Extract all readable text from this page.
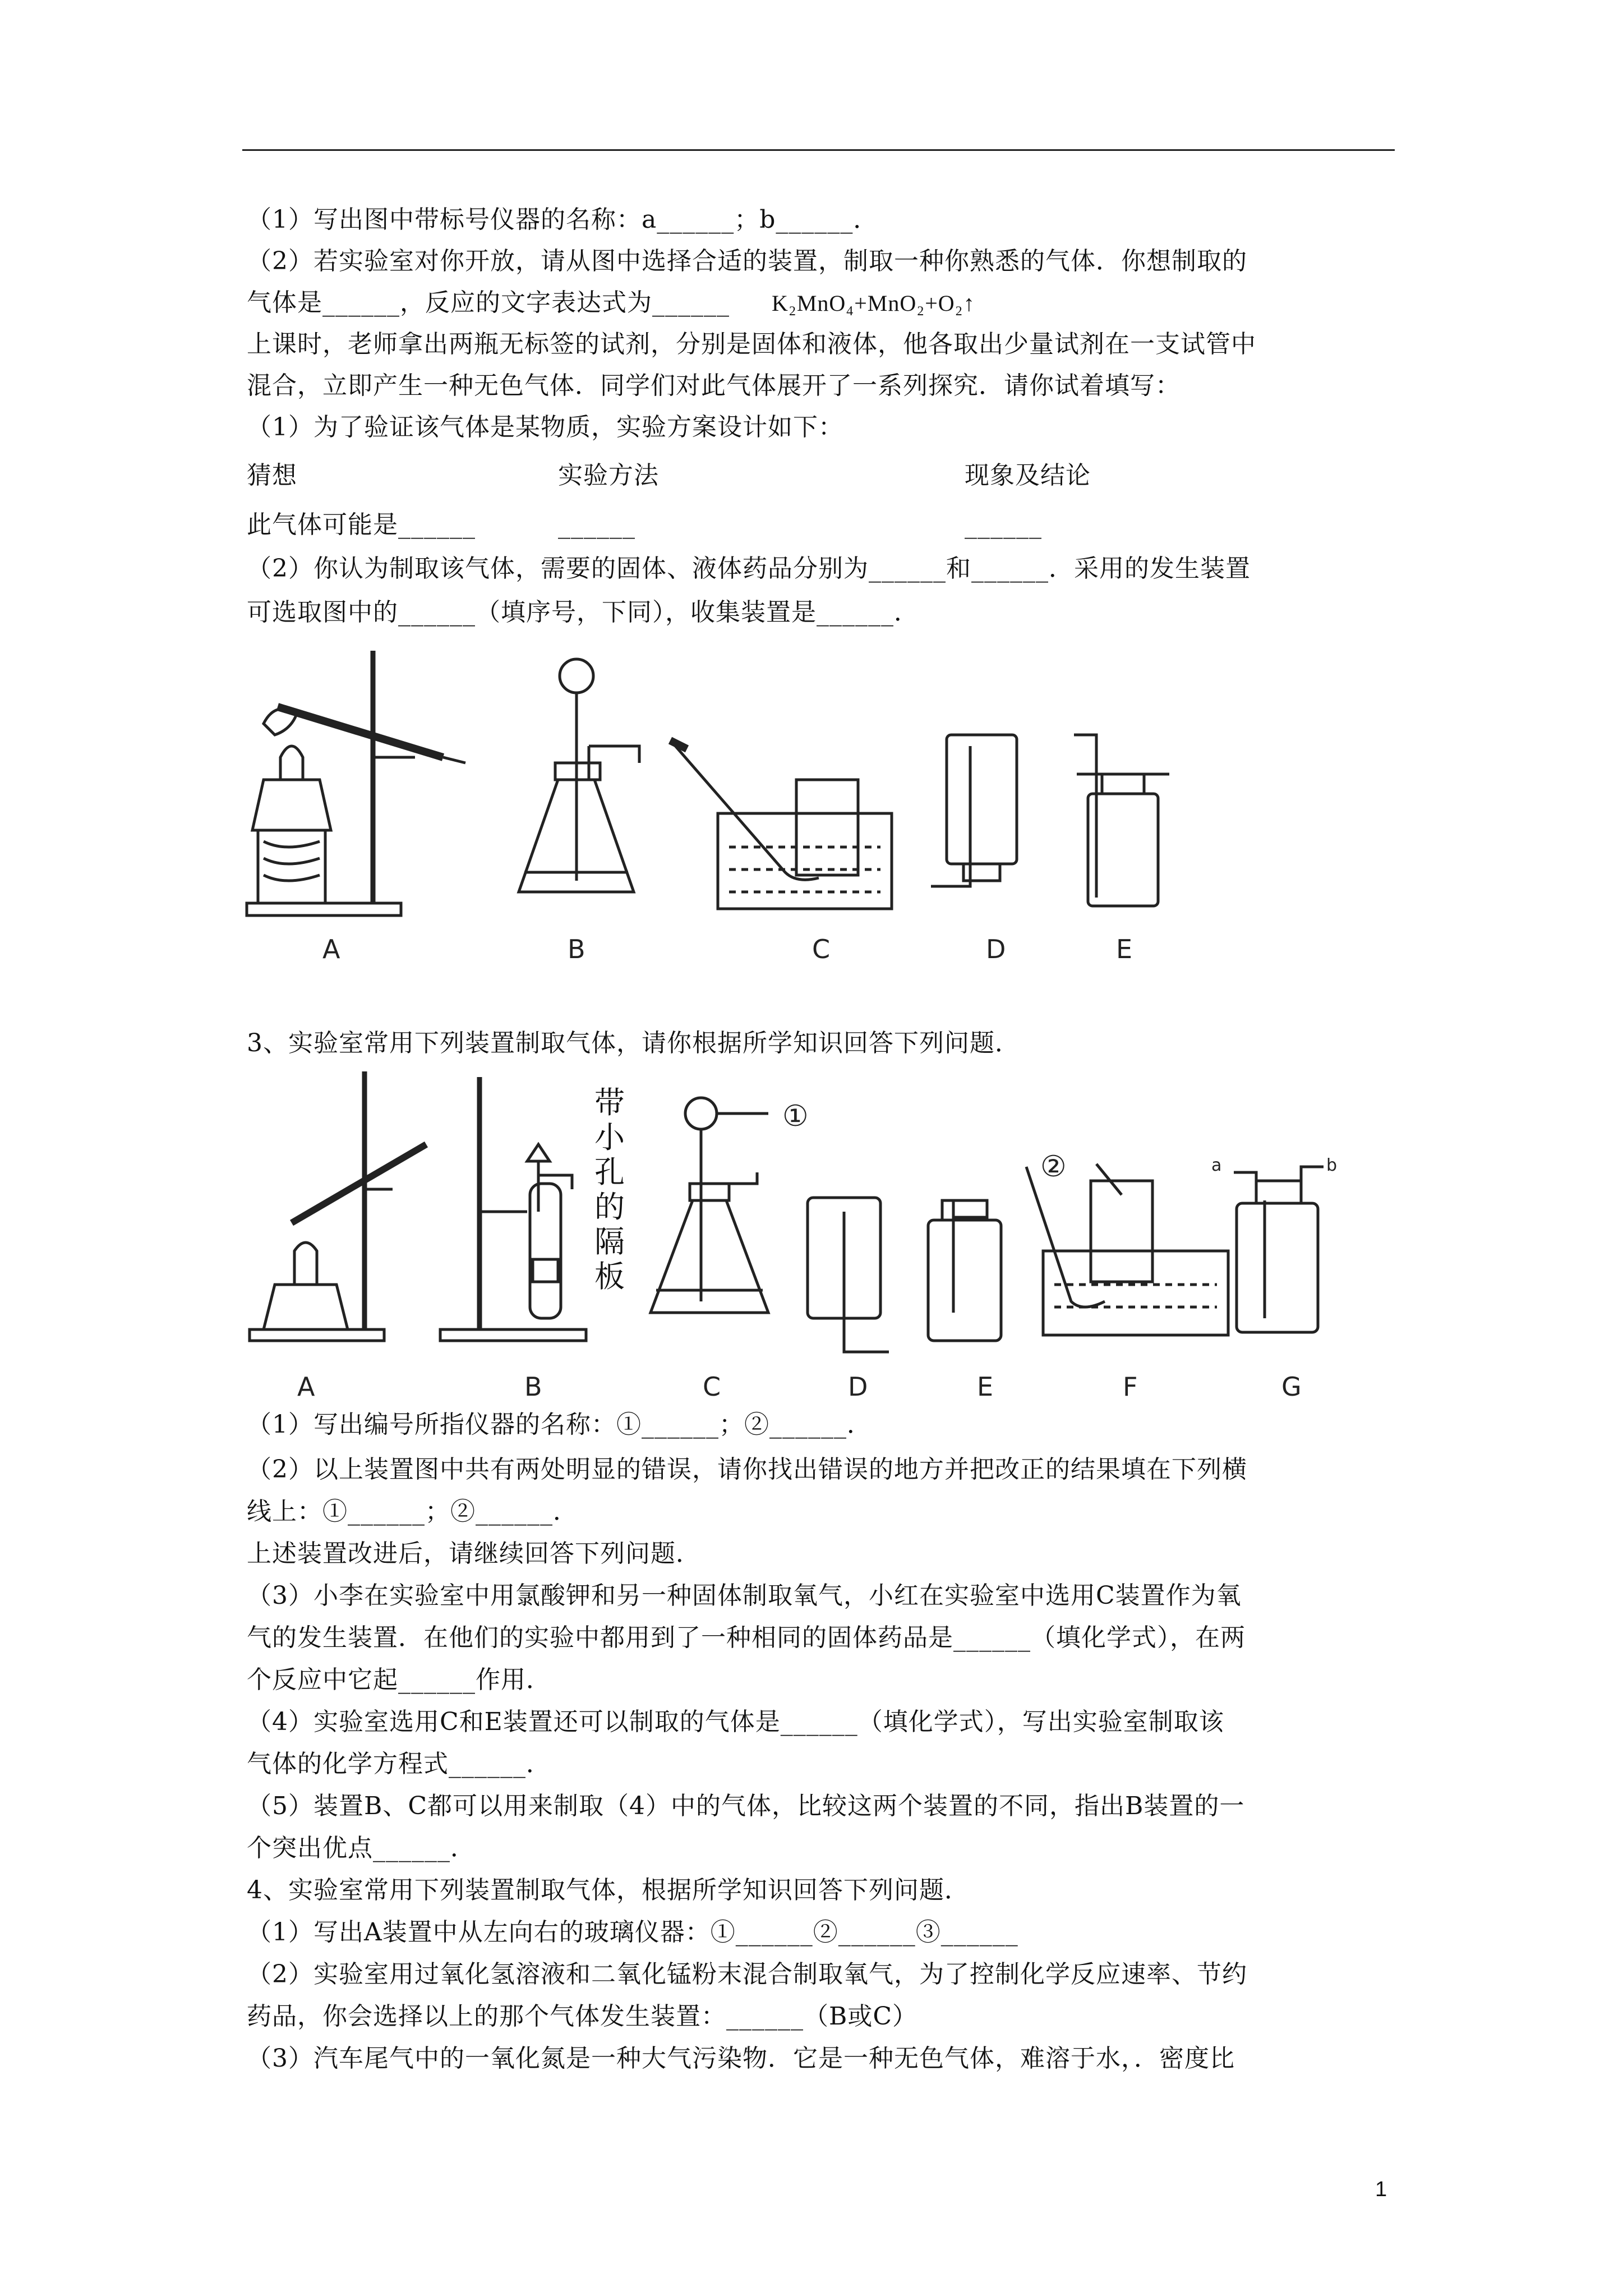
（1）写出图中带标号仪器的名称：a______；b______．
（2）若实验室对你开放，请从图中选择合适的装置，制取一种你熟悉的气体．你想制取的
气体是______，反应的文字表达式为______ K₂MnO₄+MnO₂+O₂↑
上课时，老师拿出两瓶无标签的试剂，分别是固体和液体，他各取出少量试剂在一支试管中
混合，立即产生一种无色气体．同学们对此气体展开了一系列探究．请你试着填写：
（1）为了验证该气体是某物质，实验方案设计如下：
猜想	实验方法	现象及结论
此气体可能是______	______	______
（2）你认为制取该气体，需要的固体、液体药品分别为______和______．采用的发生装置
可选取图中的______（填序号，下同），收集装置是______．
A	B	C	D	E
3、实验室常用下列装置制取气体，请你根据所学知识回答下列问题．
a	b
①
②
带
小
孔
的
隔
板
A	B	C	D	E	F	G
（1）写出编号所指仪器的名称：①______；②______．
（2）以上装置图中共有两处明显的错误，请你找出错误的地方并把改正的结果填在下列横
线上：①______；②______．
上述装置改进后，请继续回答下列问题．
（3）小李在实验室中用氯酸钾和另一种固体制取氧气，小红在实验室中选用C装置作为氧
气的发生装置．在他们的实验中都用到了一种相同的固体药品是______（填化学式），在两
个反应中它起______作用．
（4）实验室选用C和E装置还可以制取的气体是______（填化学式），写出实验室制取该
气体的化学方程式______．
（5）装置B、C都可以用来制取（4）中的气体，比较这两个装置的不同，指出B装置的一
个突出优点______．
4、实验室常用下列装置制取气体，根据所学知识回答下列问题．
（1）写出A装置中从左向右的玻璃仪器：①______②______③______
（2）实验室用过氧化氢溶液和二氧化锰粉末混合制取氧气，为了控制化学反应速率、节约
药品，你会选择以上的那个气体发生装置：______（B或C）
（3）汽车尾气中的一氧化氮是一种大气污染物．它是一种无色气体，难溶于水，．密度比
1
